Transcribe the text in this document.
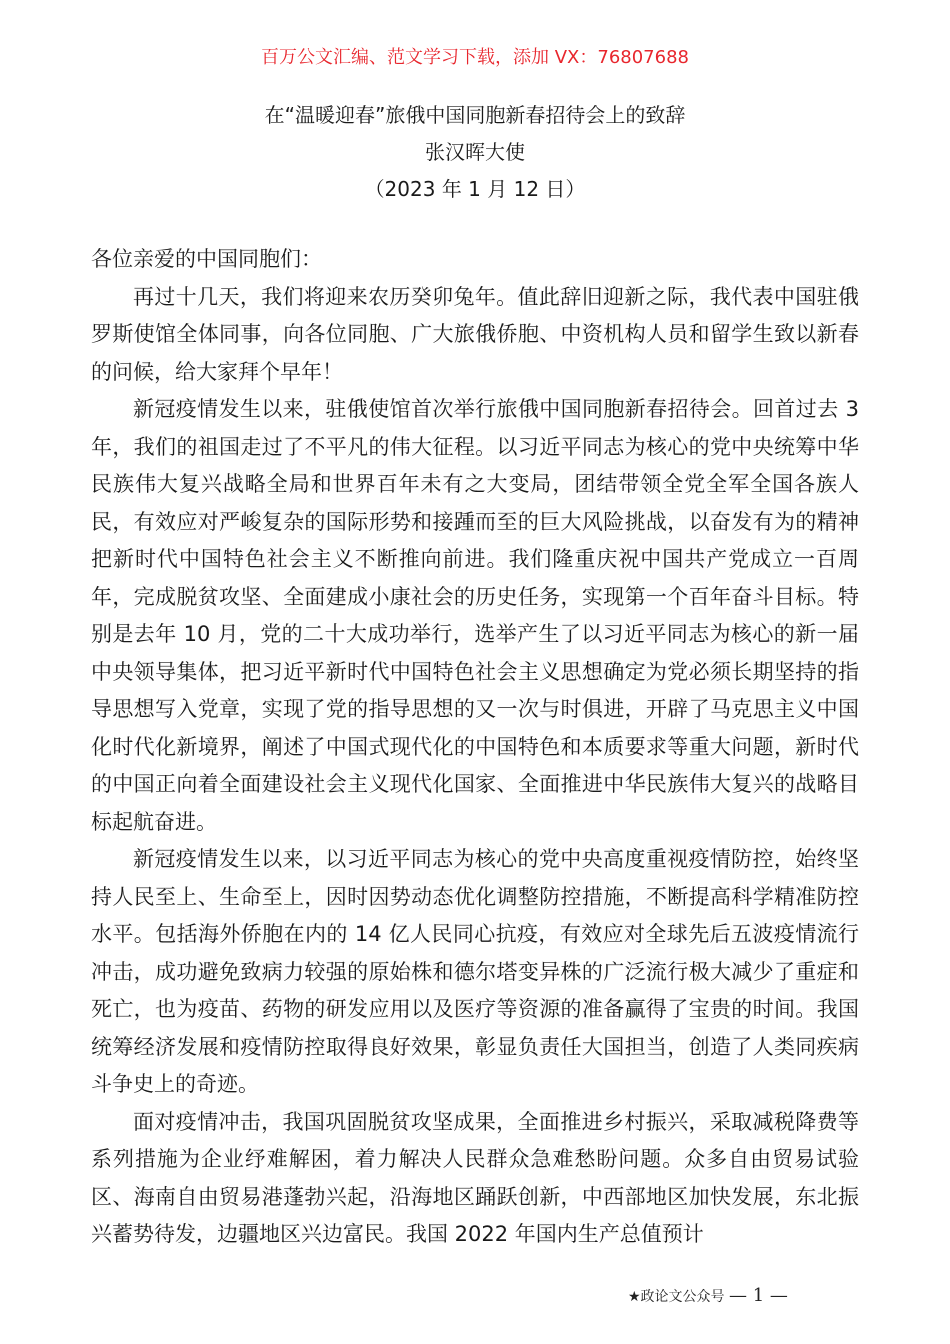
百万公文汇编、范文学习下载，添加 VX：76807688
在“温暖迎春”旅俄中国同胞新春招待会上的致辞
张汉晖大使
（2023 年 1 月 12 日）

各位亲爱的中国同胞们：

再过十几天，我们将迎来农历癸卯兔年。值此辞旧迎新之际，我代表中国驻俄罗斯使馆全体同事，向各位同胞、广大旅俄侨胞、中资机构人员和留学生致以新春的问候，给大家拜个早年！

新冠疫情发生以来，驻俄使馆首次举行旅俄中国同胞新春招待会。回首过去 3 年，我们的祖国走过了不平凡的伟大征程。以习近平同志为核心的党中央统筹中华民族伟大复兴战略全局和世界百年未有之大变局，团结带领全党全军全国各族人民，有效应对严峻复杂的国际形势和接踵而至的巨大风险挑战，以奋发有为的精神把新时代中国特色社会主义不断推向前进。我们隆重庆祝中国共产党成立一百周年，完成脱贫攻坚、全面建成小康社会的历史任务，实现第一个百年奋斗目标。特别是去年 10 月，党的二十大成功举行，选举产生了以习近平同志为核心的新一届中央领导集体，把习近平新时代中国特色社会主义思想确定为党必须长期坚持的指导思想写入党章，实现了党的指导思想的又一次与时俱进，开辟了马克思主义中国化时代化新境界，阐述了中国式现代化的中国特色和本质要求等重大问题，新时代的中国正向着全面建设社会主义现代化国家、全面推进中华民族伟大复兴的战略目标起航奋进。

新冠疫情发生以来，以习近平同志为核心的党中央高度重视疫情防控，始终坚持人民至上、生命至上，因时因势动态优化调整防控措施，不断提高科学精准防控水平。包括海外侨胞在内的 14 亿人民同心抗疫，有效应对全球先后五波疫情流行冲击，成功避免致病力较强的原始株和德尔塔变异株的广泛流行极大减少了重症和死亡，也为疫苗、药物的研发应用以及医疗等资源的准备赢得了宝贵的时间。我国统筹经济发展和疫情防控取得良好效果，彰显负责任大国担当，创造了人类同疾病斗争史上的奇迹。

面对疫情冲击，我国巩固脱贫攻坚成果，全面推进乡村振兴，采取减税降费等系列措施为企业纾难解困，着力解决人民群众急难愁盼问题。众多自由贸易试验区、海南自由贸易港蓬勃兴起，沿海地区踊跃创新，中西部地区加快发展，东北振兴蓄势待发，边疆地区兴边富民。我国 2022 年国内生产总值预计

★政论文公众号 — 1 —
